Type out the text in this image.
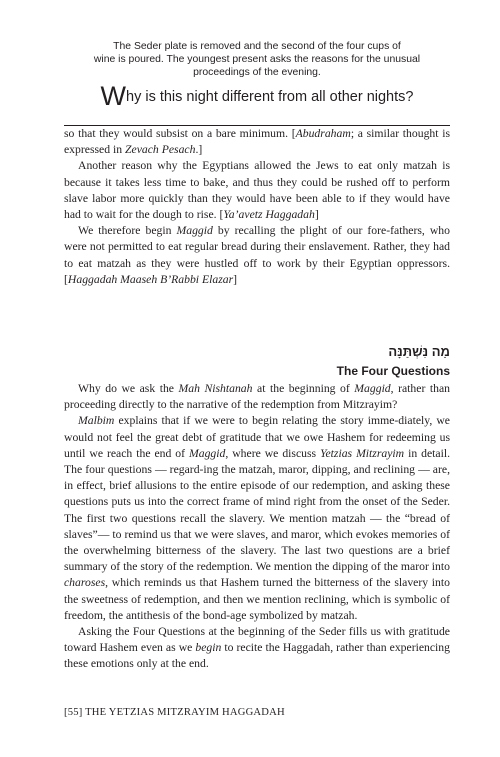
The Seder plate is removed and the second of the four cups of

wine is poured. The youngest present asks the reasons for the unusual

proceedings of the evening.

Why is this night different from all other nights?

so that they would subsist on a bare minimum. [Abudraham; a similar thought is expressed in Zevach Pesach.]

Another reason why the Egyptians allowed the Jews to eat only matzah is because it takes less time to bake, and thus they could be rushed off to perform slave labor more quickly than they would have been able to if they would have had to wait for the dough to rise. [Ya’avetz Haggadah]

We therefore begin Maggid by recalling the plight of our fore-fathers, who were not permitted to eat regular bread during their enslavement. Rather, they had to eat matzah as they were hustled off to work by their Egyptian oppressors. [Haggadah Maaseh B’Rabbi Elazar]

מַה נִּשְׁתַּנָּה
The Four Questions

Why do we ask the Mah Nishtanah at the beginning of Maggid, rather than proceeding directly to the narrative of the redemption from Mitzrayim?

Malbim explains that if we were to begin relating the story imme-diately, we would not feel the great debt of gratitude that we owe Hashem for redeeming us until we reach the end of Maggid, where we discuss Yetzias Mitzrayim in detail. The four questions — regard-ing the matzah, maror, dipping, and reclining — are, in effect, brief allusions to the entire episode of our redemption, and asking these questions puts us into the correct frame of mind right from the onset of the Seder. The first two questions recall the slavery. We mention matzah — the “bread of slaves”— to remind us that we were slaves, and maror, which evokes memories of the overwhelming bitterness of the slavery. The last two questions are a brief summary of the story of the redemption. We mention the dipping of the maror into charoses, which reminds us that Hashem turned the bitterness of the slavery into the sweetness of redemption, and then we mention reclining, which is symbolic of freedom, the antithesis of the bond-age symbolized by matzah.

Asking the Four Questions at the beginning of the Seder fills us with gratitude toward Hashem even as we begin to recite the Haggadah, rather than experiencing these emotions only at the end.

[55] THE YETZIAS MITZRAYIM HAGGADAH
